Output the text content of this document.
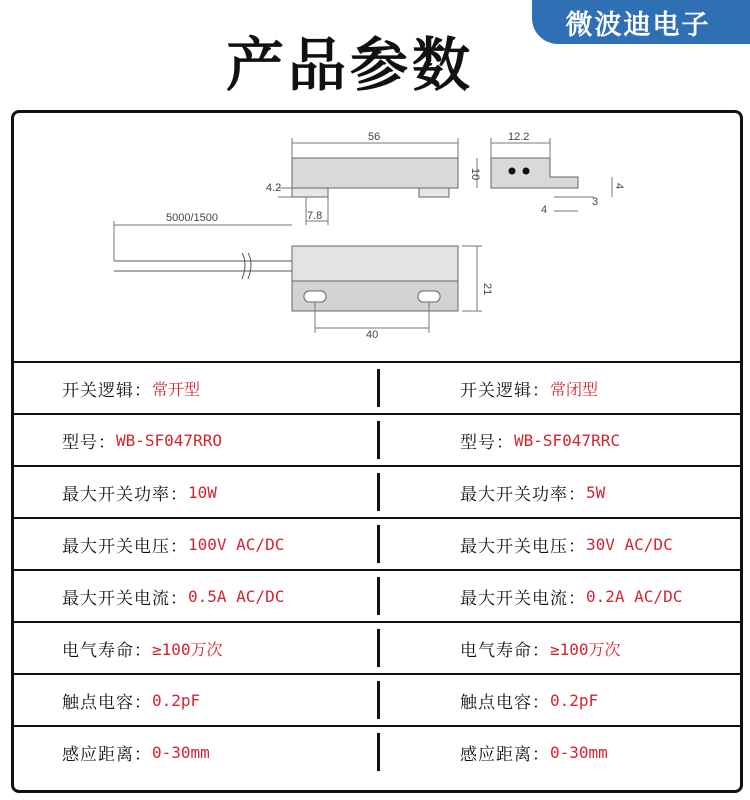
产品参数
微波迪电子
56
4.2
7.8
5000/1500
40
12.2
4
3
21
10
4
开关逻辑： 常开型	开关逻辑： 常闭型
型号： WB-SF047RRO	型号： WB-SF047RRC
最大开关功率： 10W	最大开关功率： 5W
最大开关电压： 100V AC/DC	最大开关电压： 30V AC/DC
最大开关电流： 0.5A AC/DC	最大开关电流： 0.2A AC/DC
电气寿命： ≥100万次	电气寿命： ≥100万次
触点电容： 0.2pF	触点电容： 0.2pF
感应距离： 0-30mm	感应距离： 0-30mm
